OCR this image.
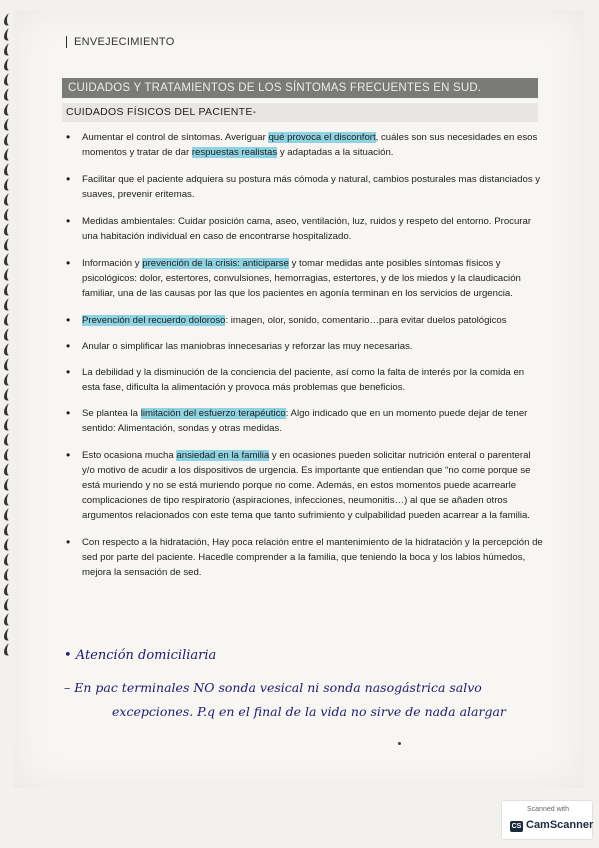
ENVEJECIMIENTO
CUIDADOS Y TRATAMIENTOS DE LOS SÍNTOMAS FRECUENTES EN SUD.
CUIDADOS FÍSICOS DEL PACIENTE-
• Aumentar el control de síntomas. Averiguar qué provoca el disconfort, cuáles son sus necesidades en esos momentos y tratar de dar respuestas realistas y adaptadas a la situación.
• Facilitar que el paciente adquiera su postura más cómoda y natural, cambios posturales mas distanciados y suaves, prevenir eritemas.
• Medidas ambientales: Cuidar posición cama, aseo, ventilación, luz, ruidos y respeto del entorno. Procurar una habitación individual en caso de encontrarse hospitalizado.
• Información y prevención de la crisis: anticiparse y tomar medidas ante posibles síntomas físicos y psicológicos: dolor, estertores, convulsiones, hemorragias, estertores, y de los miedos y la claudicación familiar, una de las causas por las que los pacientes en agonía terminan en los servicios de urgencia.
• Prevención del recuerdo doloroso: imagen, olor, sonido, comentario…para evitar duelos patológicos
• Anular o simplificar las maniobras innecesarias y reforzar las muy necesarias.
• La debilidad y la disminución de la conciencia del paciente, así como la falta de interés por la comida en esta fase, dificulta la alimentación y provoca más problemas que beneficios.
• Se plantea la limitación del esfuerzo terapéutico: Algo indicado que en un momento puede dejar de tener sentido: Alimentación, sondas y otras medidas.
• Esto ocasiona mucha ansiedad en la familia y en ocasiones pueden solicitar nutrición enteral o parenteral y/o motivo de acudir a los dispositivos de urgencia. Es importante que entiendan que “no come porque se está muriendo y no se está muriendo porque no come. Además, en estos momentos puede acarrearle complicaciones de tipo respiratorio (aspiraciones, infecciones, neumonitis…) al que se añaden otros argumentos relacionados con este tema que tanto sufrimiento y culpabilidad pueden acarrear a la familia.
• Con respecto a la hidratación, Hay poca relación entre el mantenimiento de la hidratación y la percepción de sed por parte del paciente. Hacedle comprender a la familia, que teniendo la boca y los labios húmedos, mejora la sensación de sed.
• Atención domiciliaria
– En pac terminales NO sonda vesical ni sonda nasogástrica salvo
excepciones. P.q en el final de la vida no sirve de nada alargar
Scanned with
CS CamScanner
